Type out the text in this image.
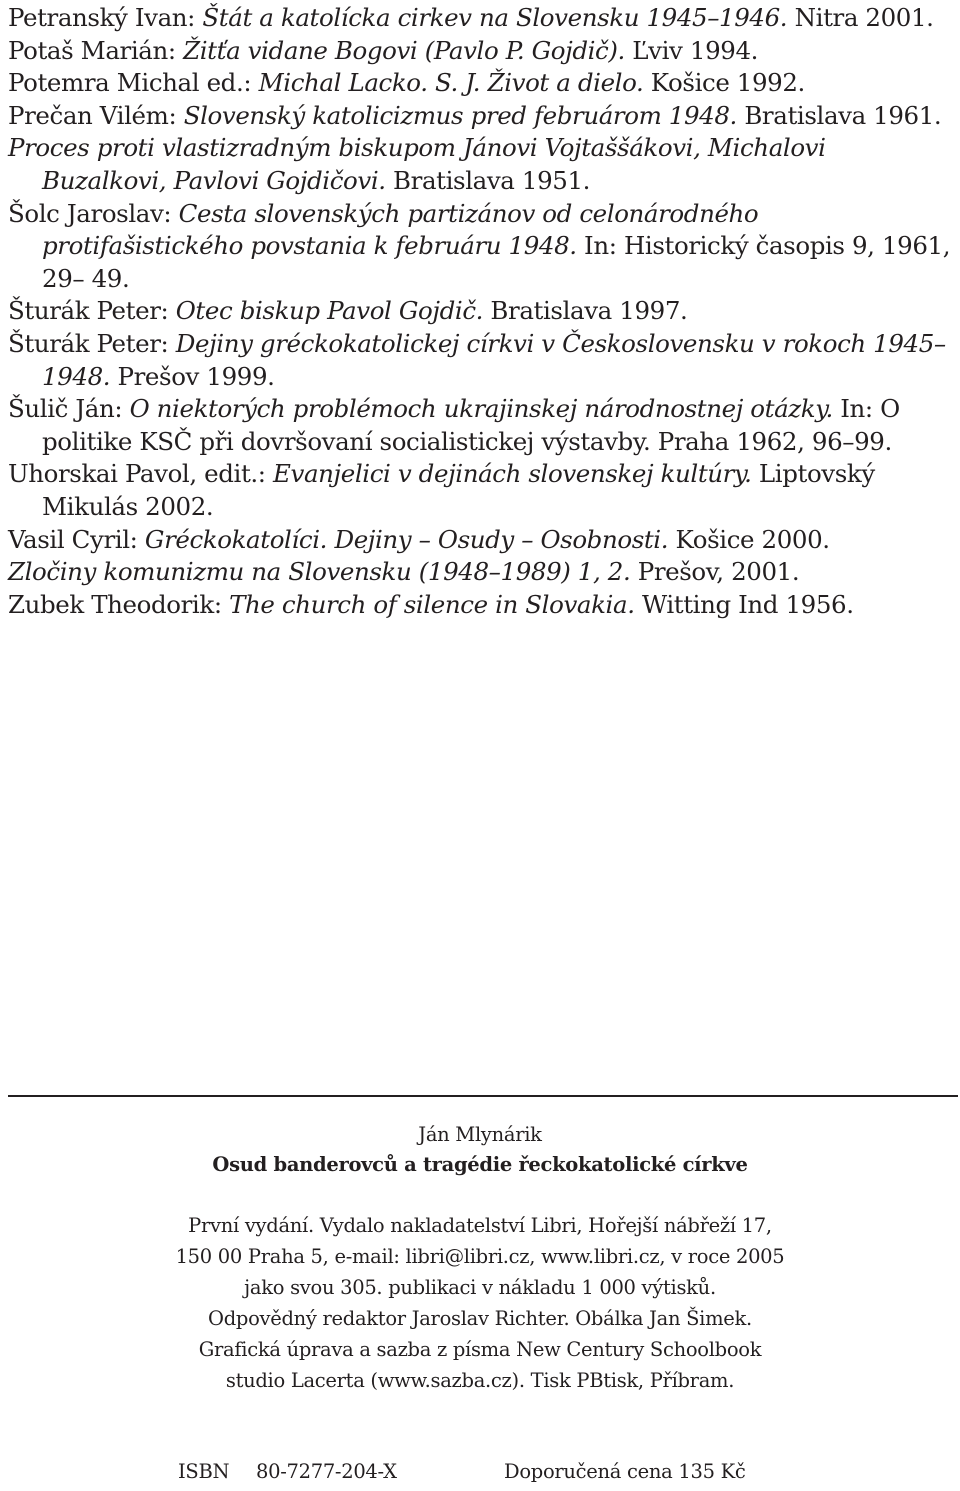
Petranský Ivan: Štát a katolícka cirkev na Slovensku 1945–1946. Nitra 2001.

Potaš Marián: Žitťa vidane Bogovi (Pavlo P. Gojdič). Ľviv 1994.

Potemra Michal ed.: Michal Lacko. S. J. Život a dielo. Košice 1992.

Prečan Vilém: Slovenský katolicizmus pred februárom 1948. Bratislava 1961.

Proces proti vlastizradným biskupom Jánovi Vojtaššákovi, Michalovi Buzalkovi, Pavlovi Gojdičovi. Bratislava 1951.

Šolc Jaroslav: Cesta slovenských partizánov od celonárodného protifašistického povstania k februáru 1948. In: Historický časopis 9, 1961, 29– 49.

Šturák Peter: Otec biskup Pavol Gojdič. Bratislava 1997.

Šturák Peter: Dejiny gréckokatolickej církvi v Československu v rokoch 1945–1948. Prešov 1999.

Šulič Ján: O niektorých problémoch ukrajinskej národnostnej otázky. In: O politike KSČ při dovršovaní socialistickej výstavby. Praha 1962, 96–99.

Uhorskai Pavol, edit.: Evanjelici v dejinách slovenskej kultúry. Liptovský Mikulás 2002.

Vasil Cyril: Gréckokatolíci. Dejiny – Osudy – Osobnosti. Košice 2000.

Zločiny komunizmu na Slovensku (1948–1989) 1, 2. Prešov, 2001.

Zubek Theodorik: The church of silence in Slovakia. Witting Ind 1956.

Ján Mlynárik
Osud banderovců a tragédie řeckokatolické církve
První vydání. Vydalo nakladatelství Libri, Hořejší nábřeží 17,
150 00 Praha 5, e-mail: libri@libri.cz, www.libri.cz, v roce 2005
jako svou 305. publikaci v nákladu 1 000 výtisků.
Odpovědný redaktor Jaroslav Richter. Obálka Jan Šimek.
Grafická úprava a sazba z písma New Century Schoolbook
studio Lacerta (www.sazba.cz). Tisk PBtisk, Příbram.
ISBN 80-7277-204-X	Doporučená cena 135 Kč
